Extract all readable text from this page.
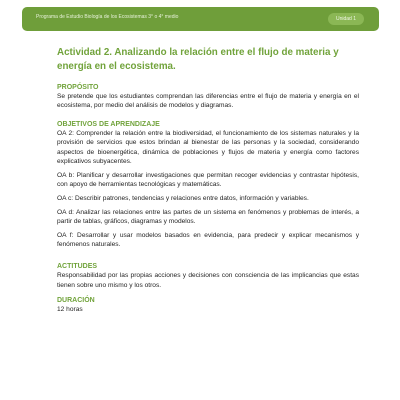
Programa de Estudio Biología de los Ecosistemas 3° o 4° medio	Unidad 1
Actividad 2. Analizando la relación entre el flujo de materia y energía en el ecosistema.
PROPÓSITO

Se pretende que los estudiantes comprendan las diferencias entre el flujo de materia y energía en el ecosistema, por medio del análisis de modelos y diagramas.

OBJETIVOS DE APRENDIZAJE

OA 2: Comprender la relación entre la biodiversidad, el funcionamiento de los sistemas naturales y la provisión de servicios que estos brindan al bienestar de las personas y la sociedad, considerando aspectos de bioenergética, dinámica de poblaciones y flujos de materia y energía como factores explicativos subyacentes.

OA b: Planificar y desarrollar investigaciones que permitan recoger evidencias y contrastar hipótesis, con apoyo de herramientas tecnológicas y matemáticas.

OA c: Describir patrones, tendencias y relaciones entre datos, información y variables.

OA d: Analizar las relaciones entre las partes de un sistema en fenómenos y problemas de interés, a partir de tablas, gráficos, diagramas y modelos.

OA f: Desarrollar y usar modelos basados en evidencia, para predecir y explicar mecanismos y fenómenos naturales.

ACTITUDES

Responsabilidad por las propias acciones y decisiones con consciencia de las implicancias que estas tienen sobre uno mismo y los otros.

DURACIÓN

12 horas
